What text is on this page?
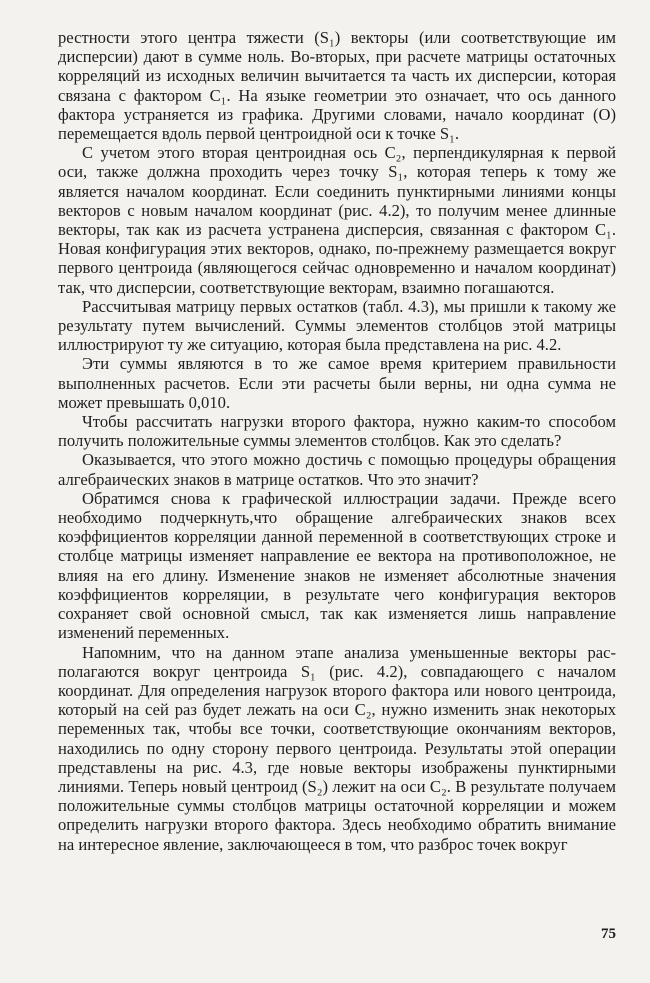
рестности этого центра тяжести (S₁) векторы (или соответствующие им дисперсии) дают в сумме ноль. Во-вторых, при расчете матрицы остаточных корреляций из исходных величин вычитается та часть их дисперсии, которая связана с фактором C₁. На языке геометрии это означает, что ось данного фактора устраняется из графика. Другими словами, начало координат (O) перемещается вдоль первой центроидной оси к точке S₁.

С учетом этого вторая центроидная ось C₂, перпендикулярная к первой оси, также должна проходить через точку S₁, которая теперь к тому же является началом координат. Если соединить пунктирными линиями концы векторов с новым началом координат (рис. 4.2), то получим менее длинные векторы, так как из расчета устранена дисперсия, связанная с фактором C₁. Новая конфигурация этих векторов, однако, по-прежнему размещается вокруг первого центроида (являющегося сейчас одновременно и началом координат) так, что дисперсии, соответствующие векторам, взаимно погашаются.

Рассчитывая матрицу первых остатков (табл. 4.3), мы пришли к такому же результату путем вычислений. Суммы элементов столбцов этой матрицы иллюстрируют ту же ситуацию, которая была представлена на рис. 4.2.

Эти суммы являются в то же самое время критерием правильности выполненных расчетов. Если эти расчеты были верны, ни одна сумма не может превышать 0,010.

Чтобы рассчитать нагрузки второго фактора, нужно каким-то способом получить положительные суммы элементов столбцов. Как это сделать?

Оказывается, что этого можно достичь с помощью процедуры обращения алгебраических знаков в матрице остатков. Что это значит?

Обратимся снова к графической иллюстрации задачи. Прежде всего необходимо подчеркнуть,что обращение алгебраических знаков всех коэффициентов корреляции данной переменной в соответствующих строке и столбце матрицы изменяет направление ее вектора на противоположное, не влияя на его длину. Изменение знаков не изменяет абсолютные значения коэффициентов корреляции, в результате чего конфигурация векторов сохраняет свой основной смысл, так как изменяется лишь направление изменений переменных.

Напомним, что на данном этапе анализа уменьшенные векторы располагаются вокруг центроида S₁ (рис. 4.2), совпадающего с началом координат. Для определения нагрузок второго фактора или нового центроида, который на сей раз будет лежать на оси C₂, нужно изменить знак некоторых переменных так, чтобы все точки, соответствующие окончаниям векторов, находились по одну сторону первого центроида. Результаты этой операции представлены на рис. 4.3, где новые векторы изображены пунктирными линиями. Теперь новый центроид (S₂) лежит на оси C₂. В результате получаем положительные суммы столбцов матрицы остаточной корреляции и можем определить нагрузки второго фактора. Здесь необходимо обратить внимание на интересное явление, заключающееся в том, что разброс точек вокруг

75
